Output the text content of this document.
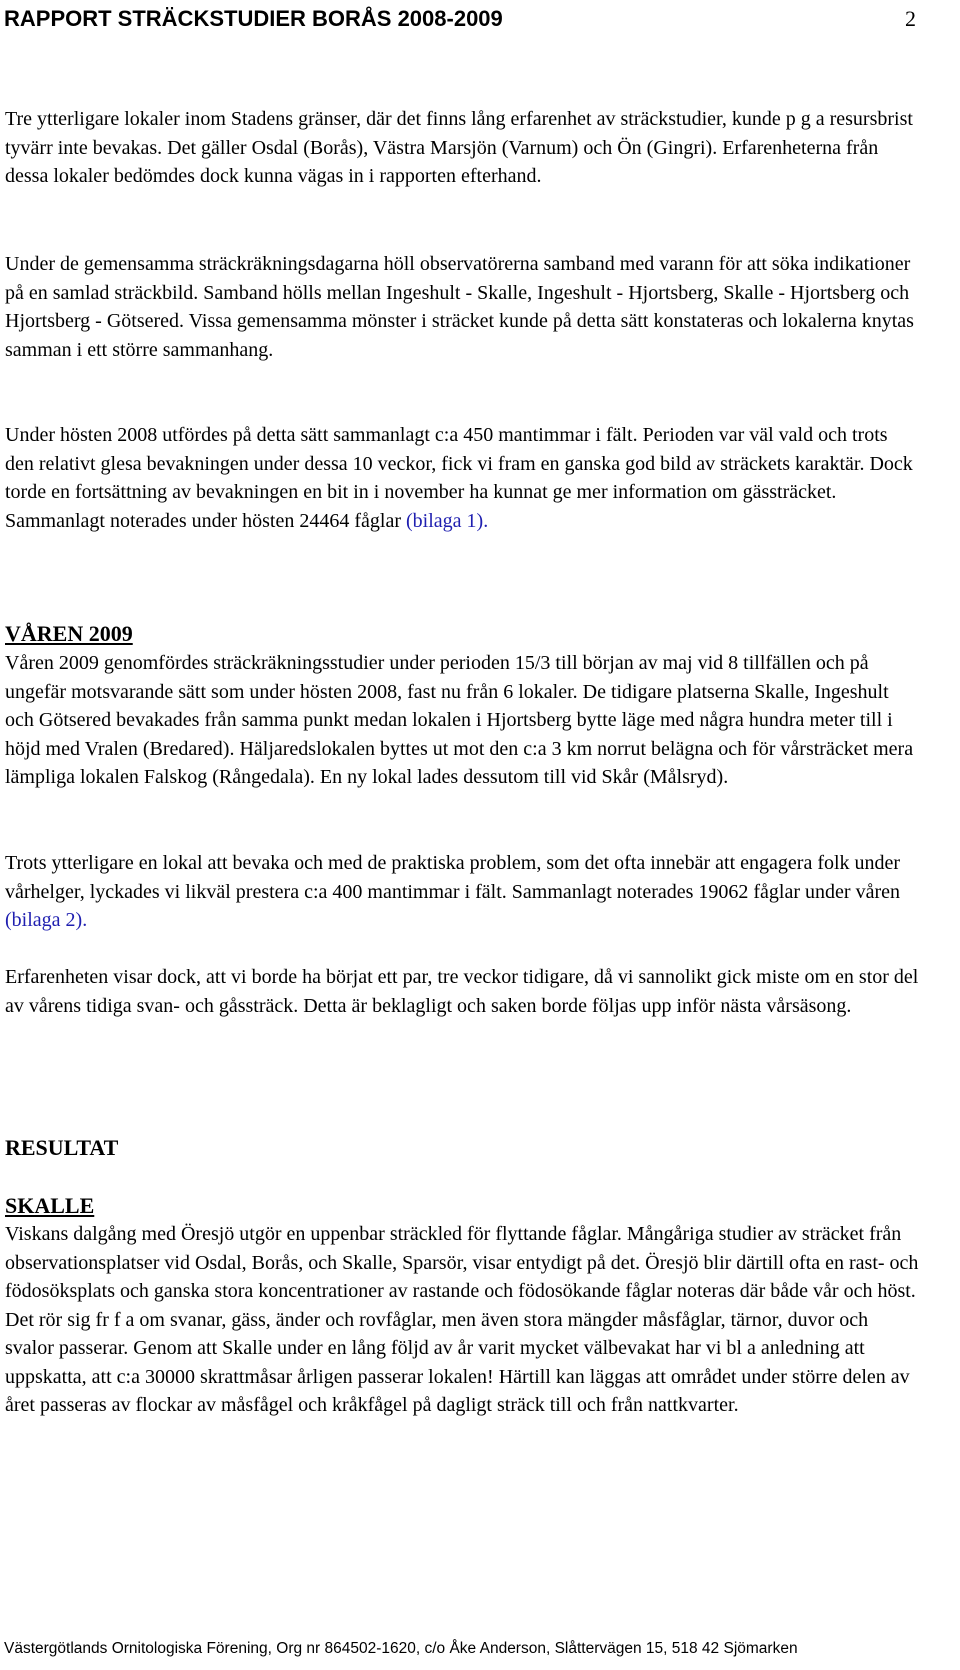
RAPPORT STRÄCKSTUDIER BORÅS 2008-2009	2

Tre ytterligare lokaler inom Stadens gränser, där det finns lång erfarenhet av sträckstudier, kunde p g a resursbrist tyvärr inte bevakas. Det gäller Osdal (Borås), Västra Marsjön (Varnum) och Ön (Gingri). Erfarenheterna från dessa lokaler bedömdes dock kunna vägas in i rapporten efterhand.

Under de gemensamma sträckräkningsdagarna höll observatörerna samband med varann för att söka indikationer på en samlad sträckbild. Samband hölls mellan Ingeshult - Skalle, Ingeshult - Hjortsberg, Skalle - Hjortsberg och Hjortsberg - Götsered. Vissa gemensamma mönster i sträcket kunde på detta sätt konstateras och lokalerna knytas samman i ett större sammanhang.

Under hösten 2008 utfördes på detta sätt sammanlagt c:a 450 mantimmar i fält. Perioden var väl vald och trots den relativt glesa bevakningen under dessa 10 veckor, fick vi fram en ganska god bild av sträckets karaktär. Dock torde en fortsättning av bevakningen en bit in i november ha kunnat ge mer information om gässträcket. Sammanlagt noterades under hösten 24464 fåglar (bilaga 1).

VÅREN 2009

Våren 2009 genomfördes sträckräkningsstudier under perioden 15/3 till början av maj vid 8 tillfällen och på ungefär motsvarande sätt som under hösten 2008, fast nu från 6 lokaler. De tidigare platserna Skalle, Ingeshult och Götsered bevakades från samma punkt medan lokalen i Hjortsberg bytte läge med några hundra meter till i höjd med Vralen (Bredared). Häljaredslokalen byttes ut mot den c:a 3 km norrut belägna och för vårsträcket mera lämpliga lokalen Falskog (Rångedala). En ny lokal lades dessutom till vid Skår (Målsryd).

Trots ytterligare en lokal att bevaka och med de praktiska problem, som det ofta innebär att engagera folk under vårhelger, lyckades vi likväl prestera c:a 400 mantimmar i fält. Sammanlagt noterades 19062 fåglar under våren (bilaga 2).

Erfarenheten visar dock, att vi borde ha börjat ett par, tre veckor tidigare, då vi sannolikt gick miste om en stor del av vårens tidiga svan- och gåssträck. Detta är beklagligt och saken borde följas upp inför nästa vårsäsong.

RESULTAT

SKALLE

Viskans dalgång med Öresjö utgör en uppenbar sträckled för flyttande fåglar. Mångåriga studier av sträcket från observationsplatser vid Osdal, Borås, och Skalle, Sparsör, visar entydigt på det. Öresjö blir därtill ofta en rast- och födosöksplats och ganska stora koncentrationer av rastande och födosökande fåglar noteras där både vår och höst. Det rör sig fr f a om svanar, gäss, änder och rovfåglar, men även stora mängder måsfåglar, tärnor, duvor och svalor passerar. Genom att Skalle under en lång följd av år varit mycket välbevakat har vi bl a anledning att uppskatta, att c:a 30000 skrattmåsar årligen passerar lokalen! Härtill kan läggas att området under större delen av året passeras av flockar av måsfågel och kråkfågel på dagligt sträck till och från nattkvarter.

Västergötlands Ornitologiska Förening, Org nr 864502-1620, c/o Åke Anderson, Slåttervägen 15, 518 42 Sjömarken
